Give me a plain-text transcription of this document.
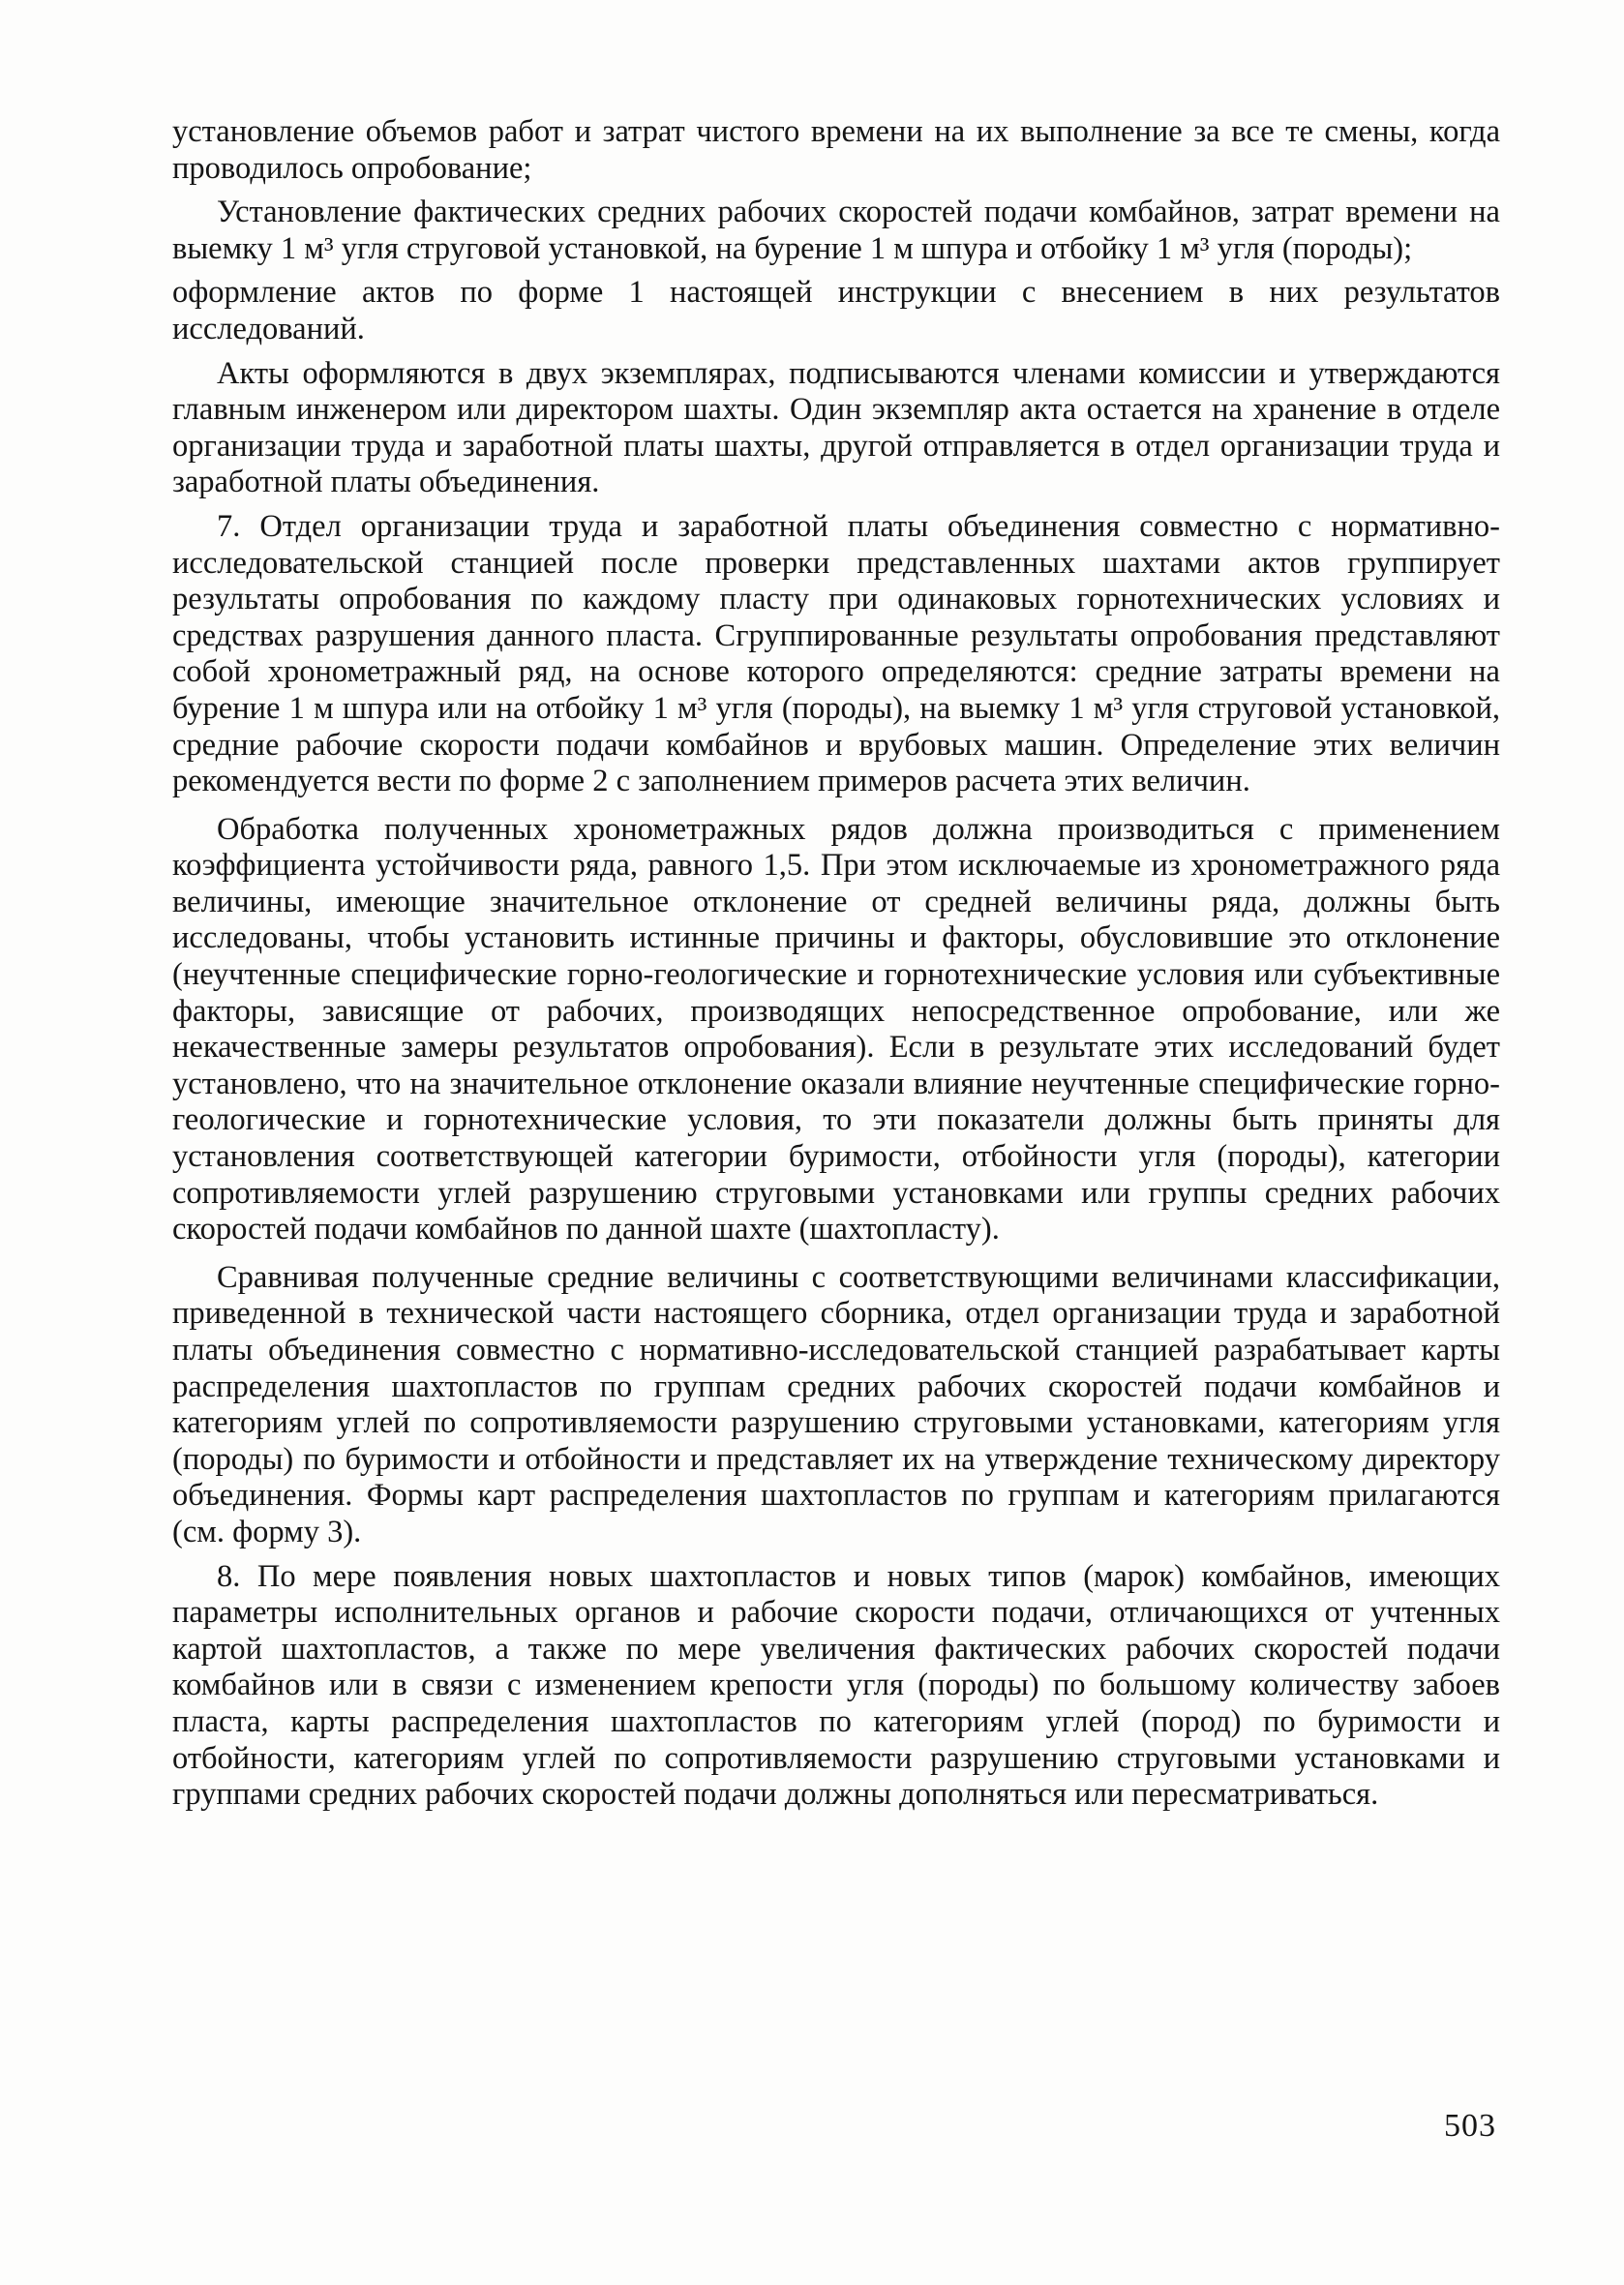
установление объемов работ и затрат чистого времени на их выполнение за все те смены, когда проводилось опробование;

Установление фактических средних рабочих скоростей подачи комбайнов, затрат времени на выемку 1 м³ угля струговой установкой, на бурение 1 м шпура и отбойку 1 м³ угля (породы);

оформление актов по форме 1 настоящей инструкции с внесением в них результатов исследований.

Акты оформляются в двух экземплярах, подписываются членами комиссии и утверждаются главным инженером или директором шахты. Один экземпляр акта остается на хранение в отделе организации труда и заработной платы шахты, другой отправляется в отдел организации труда и заработной платы объединения.

7. Отдел организации труда и заработной платы объединения совместно с нормативно-исследовательской станцией после проверки представленных шахтами актов группирует результаты опробования по каждому пласту при одинаковых горнотехнических условиях и средствах разрушения данного пласта. Сгруппированные результаты опробования представляют собой хронометражный ряд, на основе которого определяются: средние затраты времени на бурение 1 м шпура или на отбойку 1 м³ угля (породы), на выемку 1 м³ угля струговой установкой, средние рабочие скорости подачи комбайнов и врубовых машин. Определение этих величин рекомендуется вести по форме 2 с заполнением примеров расчета этих величин.

Обработка полученных хронометражных рядов должна производиться с применением коэффициента устойчивости ряда, равного 1,5. При этом исключаемые из хронометражного ряда величины, имеющие значительное отклонение от средней величины ряда, должны быть исследованы, чтобы установить истинные причины и факторы, обусловившие это отклонение (неучтенные специфические горно-геологические и горнотехнические условия или субъективные факторы, зависящие от рабочих, производящих непосредственное опробование, или же некачественные замеры результатов опробования). Если в результате этих исследований будет установлено, что на значительное отклонение оказали влияние неучтенные специфические горно-геологические и горнотехнические условия, то эти показатели должны быть приняты для установления соответствующей категории буримости, отбойности угля (породы), категории сопротивляемости углей разрушению струговыми установками или группы средних рабочих скоростей подачи комбайнов по данной шахте (шахтопласту).

Сравнивая полученные средние величины с соответствующими величинами классификации, приведенной в технической части настоящего сборника, отдел организации труда и заработной платы объединения совместно с нормативно-исследовательской станцией разрабатывает карты распределения шахтопластов по группам средних рабочих скоростей подачи комбайнов и категориям углей по сопротивляемости разрушению струговыми установками, категориям угля (породы) по буримости и отбойности и представляет их на утверждение техническому директору объединения. Формы карт распределения шахтопластов по группам и категориям прилагаются (см. форму 3).

8. По мере появления новых шахтопластов и новых типов (марок) комбайнов, имеющих параметры исполнительных органов и рабочие скорости подачи, отличающихся от учтенных картой шахтопластов, а также по мере увеличения фактических рабочих скоростей подачи комбайнов или в связи с изменением крепости угля (породы) по большому количеству забоев пласта, карты распределения шахтопластов по категориям углей (пород) по буримости и отбойности, категориям углей по сопротивляемости разрушению струговыми установками и группами средних рабочих скоростей подачи должны дополняться или пересматриваться.

503
